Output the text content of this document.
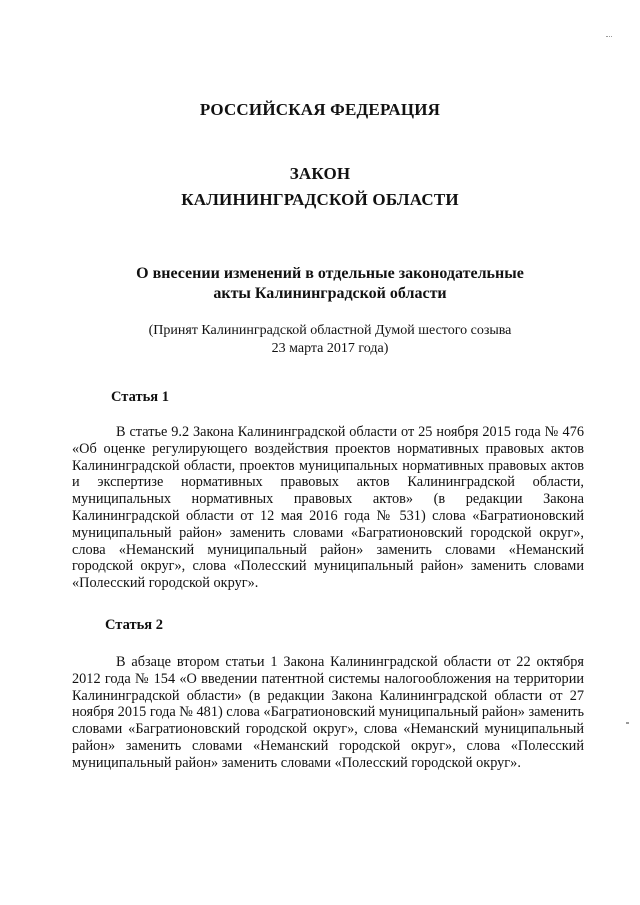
РОССИЙСКАЯ ФЕДЕРАЦИЯ
ЗАКОН
КАЛИНИНГРАДСКОЙ ОБЛАСТИ
О внесении изменений в отдельные законодательные
акты Калининградской области
(Принят Калининградской областной Думой шестого созыва
23 марта 2017 года)
Статья 1

В статье 9.2 Закона Калининградской области от 25 ноября 2015 года № 476 «Об оценке регулирующего воздействия проектов нормативных правовых актов Калининградской области, проектов муниципальных нормативных правовых актов и экспертизе нормативных правовых актов Калининградской области, муниципальных нормативных правовых актов» (в редакции Закона Калининградской области от 12 мая 2016 года № 531) слова «Багратионовский муниципальный район» заменить словами «Багратионовский городской округ», слова «Неманский муниципальный район» заменить словами «Неманский городской округ», слова «Полесский муниципальный район» заменить словами «Полесский городской округ».

Статья 2

В абзаце втором статьи 1 Закона Калининградской области от 22 октября 2012 года № 154 «О введении патентной системы налогообложения на территории Калининградской области» (в редакции Закона Калининградской области от 27 ноября 2015 года № 481) слова «Багратионовский муниципальный район» заменить словами «Багратионовский городской округ», слова «Неманский муниципальный район» заменить словами «Неманский городской округ», слова «Полесский муниципальный район» заменить словами «Полесский городской округ».
